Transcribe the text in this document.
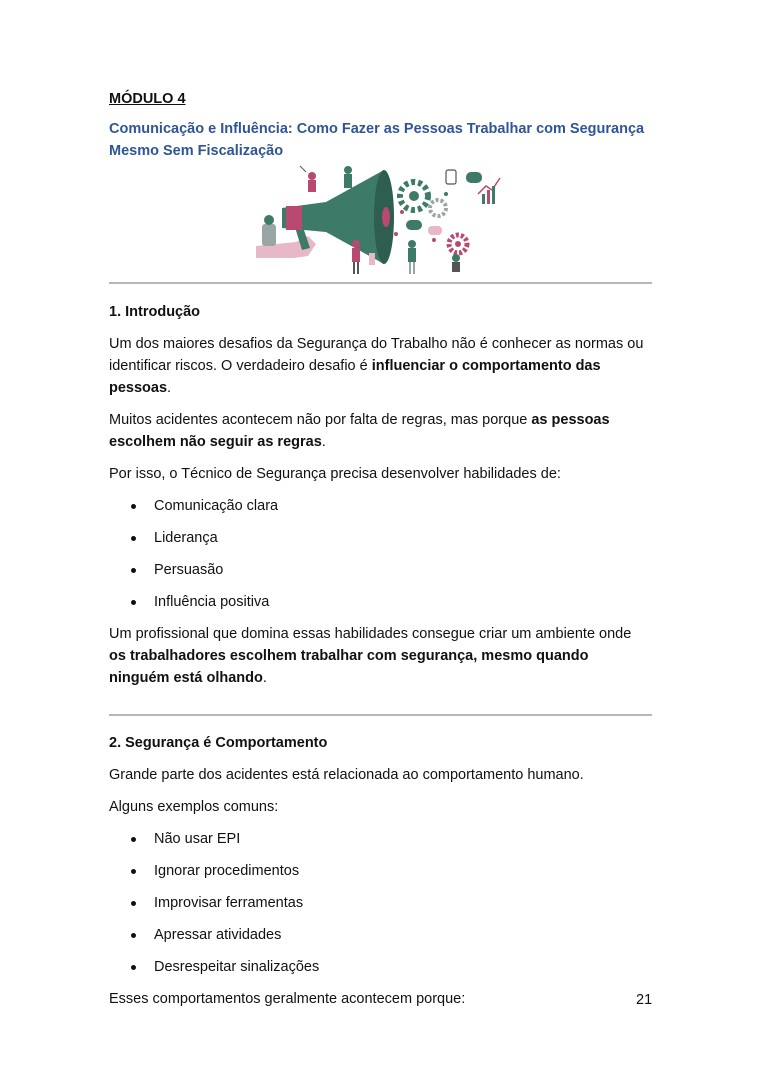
MÓDULO 4

Comunicação e Influência: Como Fazer as Pessoas Trabalhar com Segurança Mesmo Sem Fiscalização

1. Introdução

Um dos maiores desafios da Segurança do Trabalho não é conhecer as normas ou identificar riscos. O verdadeiro desafio é influenciar o comportamento das pessoas.

Muitos acidentes acontecem não por falta de regras, mas porque as pessoas escolhem não seguir as regras.

Por isso, o Técnico de Segurança precisa desenvolver habilidades de:

Comunicação clara
Liderança
Persuasão
Influência positiva

Um profissional que domina essas habilidades consegue criar um ambiente onde os trabalhadores escolhem trabalhar com segurança, mesmo quando ninguém está olhando.

2. Segurança é Comportamento

Grande parte dos acidentes está relacionada ao comportamento humano.

Alguns exemplos comuns:

Não usar EPI
Ignorar procedimentos
Improvisar ferramentas
Apressar atividades
Desrespeitar sinalizações

Esses comportamentos geralmente acontecem porque:	21
